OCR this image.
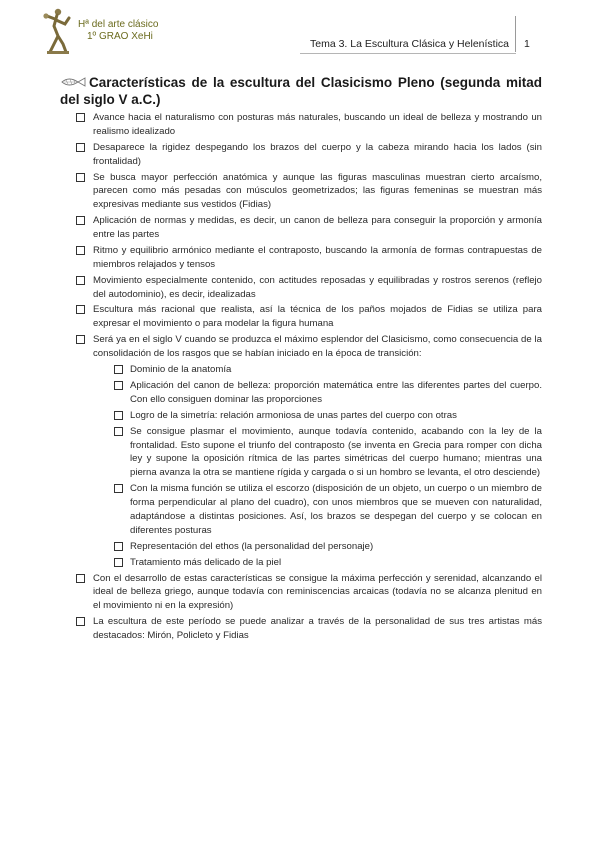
Hª del arte clásico
1º GRAO XeHi
Tema 3. La Escultura Clásica y Helenística 1
Características de la escultura del Clasicismo Pleno (segunda mitad del siglo V a.C.)
Avance hacia el naturalismo con posturas más naturales, buscando un ideal de belleza y mostrando un realismo idealizado
Desaparece la rigidez despegando los brazos del cuerpo y la cabeza mirando hacia los lados (sin frontalidad)
Se busca mayor perfección anatómica y aunque las figuras masculinas muestran cierto arcaísmo, parecen como más pesadas con músculos geometrizados; las figuras femeninas se muestran más expresivas mediante sus vestidos (Fidias)
Aplicación de normas y medidas, es decir, un canon de belleza para conseguir la proporción y armonía entre las partes
Ritmo y equilibrio armónico mediante el contraposto, buscando la armonía de formas contrapuestas de miembros relajados y tensos
Movimiento especialmente contenido, con actitudes reposadas y equilibradas y rostros serenos (reflejo del autodominio), es decir, idealizadas
Escultura más racional que realista, así la técnica de los paños mojados de Fidias se utiliza para expresar el movimiento o para modelar la figura humana
Será ya en el siglo V cuando se produzca el máximo esplendor del Clasicismo, como consecuencia de la consolidación de los rasgos que se habían iniciado en la época de transición:
Dominio de la anatomía
Aplicación del canon de belleza: proporción matemática entre las diferentes partes del cuerpo. Con ello consiguen dominar las proporciones
Logro de la simetría: relación armoniosa de unas partes del cuerpo con otras
Se consigue plasmar el movimiento, aunque todavía contenido, acabando con la ley de la frontalidad. Esto supone el triunfo del contraposto (se inventa en Grecia para romper con dicha ley y supone la oposición rítmica de las partes simétricas del cuerpo humano; mientras una pierna avanza la otra se mantiene rígida y cargada o si un hombro se levanta, el otro desciende)
Con la misma función se utiliza el escorzo (disposición de un objeto, un cuerpo o un miembro de forma perpendicular al plano del cuadro), con unos miembros que se mueven con naturalidad, adaptándose a distintas posiciones. Así, los brazos se despegan del cuerpo y se colocan en diferentes posturas
Representación del ethos (la personalidad del personaje)
Tratamiento más delicado de la piel
Con el desarrollo de estas características se consigue la máxima perfección y serenidad, alcanzando el ideal de belleza griego, aunque todavía con reminiscencias arcaicas (todavía no se alcanza plenitud en el movimiento ni en la expresión)
La escultura de este período se puede analizar a través de la personalidad de sus tres artistas más destacados: Mirón, Policleto y Fidias
